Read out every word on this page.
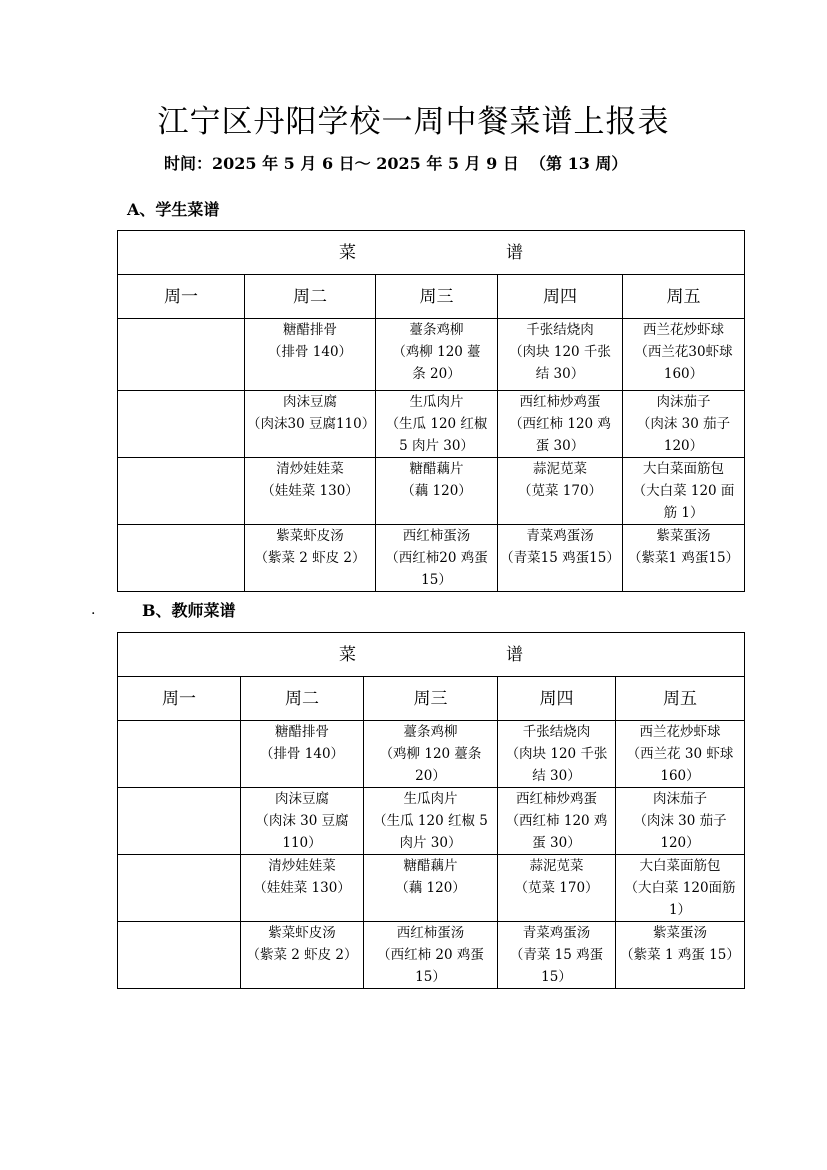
江宁区丹阳学校一周中餐菜谱上报表
时间：2025 年 5 月 6 日～ 2025 年 5 月 9 日  （第 13 周）
A、学生菜谱
菜 谱				

周一	周二	周三	周四	周五

	糖醋排骨
（排骨 140）	薹条鸡柳
（鸡柳 120 薹
条 20）	千张结烧肉
（肉块 120 千张
结 30）	西兰花炒虾球
（西兰花30虾球
160）

	肉沫豆腐
（肉沫30 豆腐110）	生瓜肉片
（生瓜 120 红椒
5 肉片 30）	西红柿炒鸡蛋
（西红柿 120 鸡
蛋 30）	肉沫茄子
（肉沫 30 茄子
120）

	清炒娃娃菜
（娃娃菜 130）	糖醋藕片
（藕 120）	蒜泥苋菜
（苋菜 170）	大白菜面筋包
（大白菜 120 面
筋 1）

	紫菜虾皮汤
（紫菜 2 虾皮 2）	西红柿蛋汤
（西红柿20 鸡蛋
15）	青菜鸡蛋汤
（青菜15 鸡蛋15）	紫菜蛋汤
（紫菜1 鸡蛋15）
.	B、教师菜谱
菜 谱				

周一	周二	周三	周四	周五

	糖醋排骨
（排骨 140）	薹条鸡柳
（鸡柳 120 薹条
20）	千张结烧肉
（肉块 120 千张
结 30）	西兰花炒虾球
（西兰花 30 虾球
160）

	肉沫豆腐
（肉沫 30 豆腐
110）	生瓜肉片
（生瓜 120 红椒 5
肉片 30）	西红柿炒鸡蛋
（西红柿 120 鸡
蛋 30）	肉沫茄子
（肉沫 30 茄子
120）

	清炒娃娃菜
（娃娃菜 130）	糖醋藕片
（藕 120）	蒜泥苋菜
（苋菜 170）	大白菜面筋包
（大白菜 120面筋
1）

	紫菜虾皮汤
（紫菜 2 虾皮 2）	西红柿蛋汤
（西红柿 20 鸡蛋
15）	青菜鸡蛋汤
（青菜 15 鸡蛋
15）	紫菜蛋汤
（紫菜 1 鸡蛋 15）
